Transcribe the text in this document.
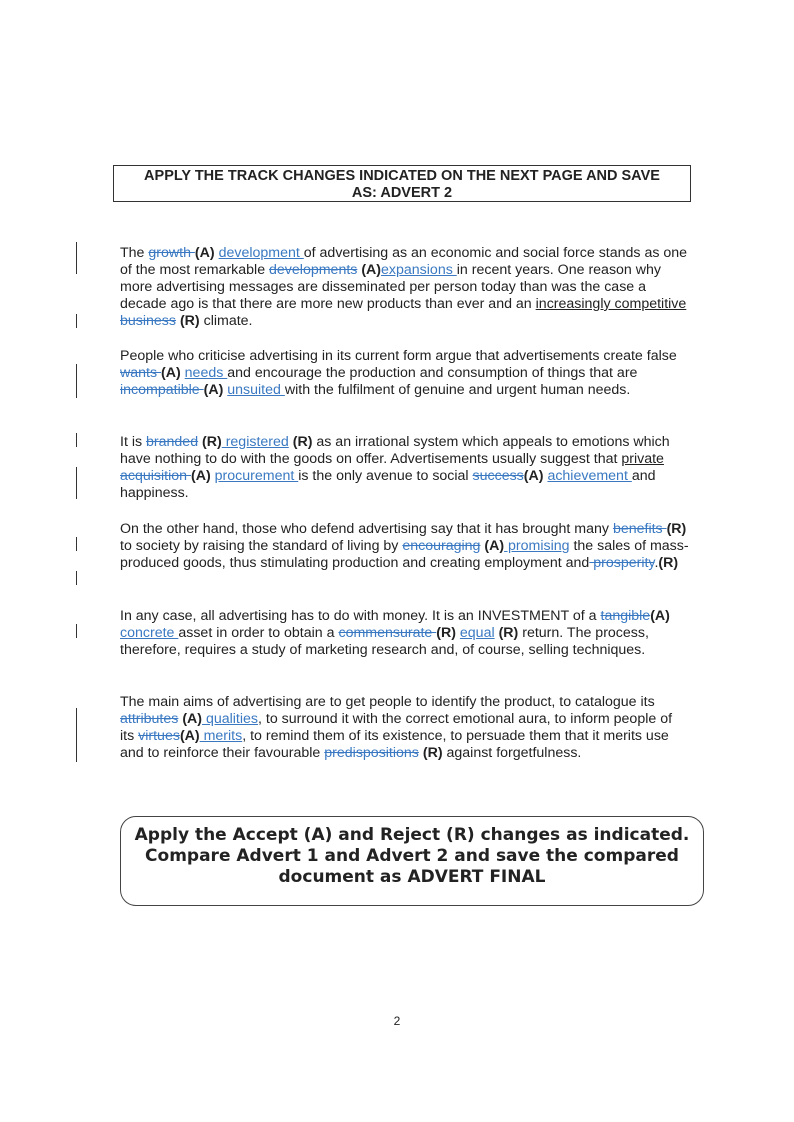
APPLY THE TRACK CHANGES INDICATED ON THE NEXT PAGE AND SAVE
AS: ADVERT 2

The growth (A) development of advertising as an economic and social force stands as one of the most remarkable developments (A)expansions in recent years. One reason why more advertising messages are disseminated per person today than was the case a decade ago is that there are more new products than ever and an increasingly competitive business (R) climate.

People who criticise advertising in its current form argue that advertisements create false wants (A) needs and encourage the production and consumption of things that are incompatible (A) unsuited with the fulfilment of genuine and urgent human needs.

It is branded (R) registered (R) as an irrational system which appeals to emotions which have nothing to do with the goods on offer. Advertisements usually suggest that private acquisition (A) procurement is the only avenue to social success(A) achievement and happiness.

On the other hand, those who defend advertising say that it has brought many benefits (R) to society by raising the standard of living by encouraging (A) promising the sales of mass-produced goods, thus stimulating production and creating employment and prosperity.(R)

In any case, all advertising has to do with money. It is an INVESTMENT of a tangible(A) concrete asset in order to obtain a commensurate (R) equal (R) return. The process, therefore, requires a study of marketing research and, of course, selling techniques.

The main aims of advertising are to get people to identify the product, to catalogue its attributes (A) qualities, to surround it with the correct emotional aura, to inform people of its virtues(A) merits, to remind them of its existence, to persuade them that it merits use and to reinforce their favourable predispositions (R) against forgetfulness.

Apply the Accept (A) and Reject (R) changes as indicated.
Compare Advert 1 and Advert 2 and save the compared
document as ADVERT FINAL
2
